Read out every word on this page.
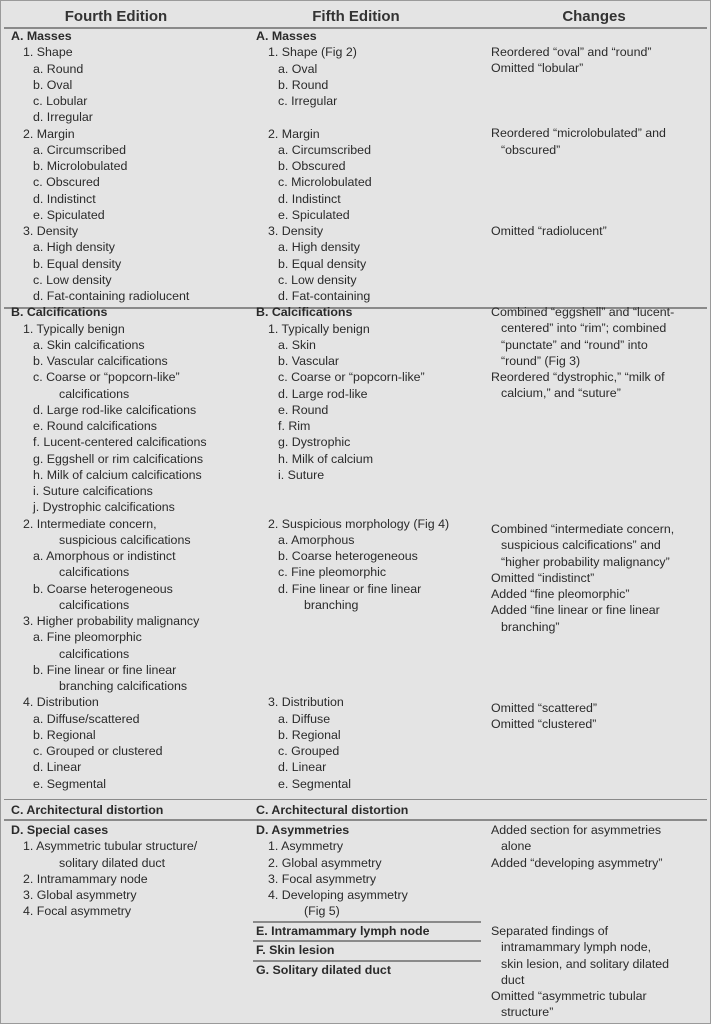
Fourth Edition	Fifth Edition	Changes
A. Masses
1. Shape
a. Round
b. Oval
c. Lobular
d. Irregular
2. Margin
a. Circumscribed
b. Microlobulated
c. Obscured
d. Indistinct
e. Spiculated
3. Density
a. High density
b. Equal density
c. Low density
d. Fat-containing radiolucent
B. Calcifications
1. Typically benign
a. Skin calcifications
b. Vascular calcifications
c. Coarse or “popcorn-like”
calcifications
d. Large rod-like calcifications
e. Round calcifications
f. Lucent-centered calcifications
g. Eggshell or rim calcifications
h. Milk of calcium calcifications
i. Suture calcifications
j. Dystrophic calcifications
2. Intermediate concern,
suspicious calcifications
a. Amorphous or indistinct
calcifications
b. Coarse heterogeneous
calcifications
3. Higher probability malignancy
a. Fine pleomorphic
calcifications
b. Fine linear or fine linear
branching calcifications
4. Distribution
a. Diffuse/scattered
b. Regional
c. Grouped or clustered
d. Linear
e. Segmental
C. Architectural distortion
D. Special cases
1. Asymmetric tubular structure/
solitary dilated duct
2. Intramammary node
3. Global asymmetry
4. Focal asymmetry
A. Masses
1. Shape (Fig 2)
a. Oval
b. Round
c. Irregular
2. Margin
a. Circumscribed
b. Obscured
c. Microlobulated
d. Indistinct
e. Spiculated
3. Density
a. High density
b. Equal density
c. Low density
d. Fat-containing
B. Calcifications
1. Typically benign
a. Skin
b. Vascular
c. Coarse or “popcorn-like”
d. Large rod-like
e. Round
f. Rim
g. Dystrophic
h. Milk of calcium
i. Suture
2. Suspicious morphology (Fig 4)
a. Amorphous
b. Coarse heterogeneous
c. Fine pleomorphic
d. Fine linear or fine linear
branching
3. Distribution
a. Diffuse
b. Regional
c. Grouped
d. Linear
e. Segmental
C. Architectural distortion
D. Asymmetries
1. Asymmetry
2. Global asymmetry
3. Focal asymmetry
4. Developing asymmetry
(Fig 5)
E. Intramammary lymph node
F. Skin lesion
G. Solitary dilated duct
Reordered “oval” and “round”
Omitted “lobular”
Reordered “microlobulated” and
“obscured”
Omitted “radiolucent”
Combined “eggshell” and “lucent-
centered” into “rim”; combined
“punctate” and “round” into
“round” (Fig 3)
Reordered “dystrophic,” “milk of
calcium,” and “suture”
Combined “intermediate concern,
suspicious calcifications” and
“higher probability malignancy”
Omitted “indistinct”
Added “fine pleomorphic”
Added “fine linear or fine linear
branching”
Omitted “scattered”
Omitted “clustered”
Added section for asymmetries
alone
Added “developing asymmetry”
Separated findings of
intramammary lymph node,
skin lesion, and solitary dilated
duct
Omitted “asymmetric tubular
structure”
